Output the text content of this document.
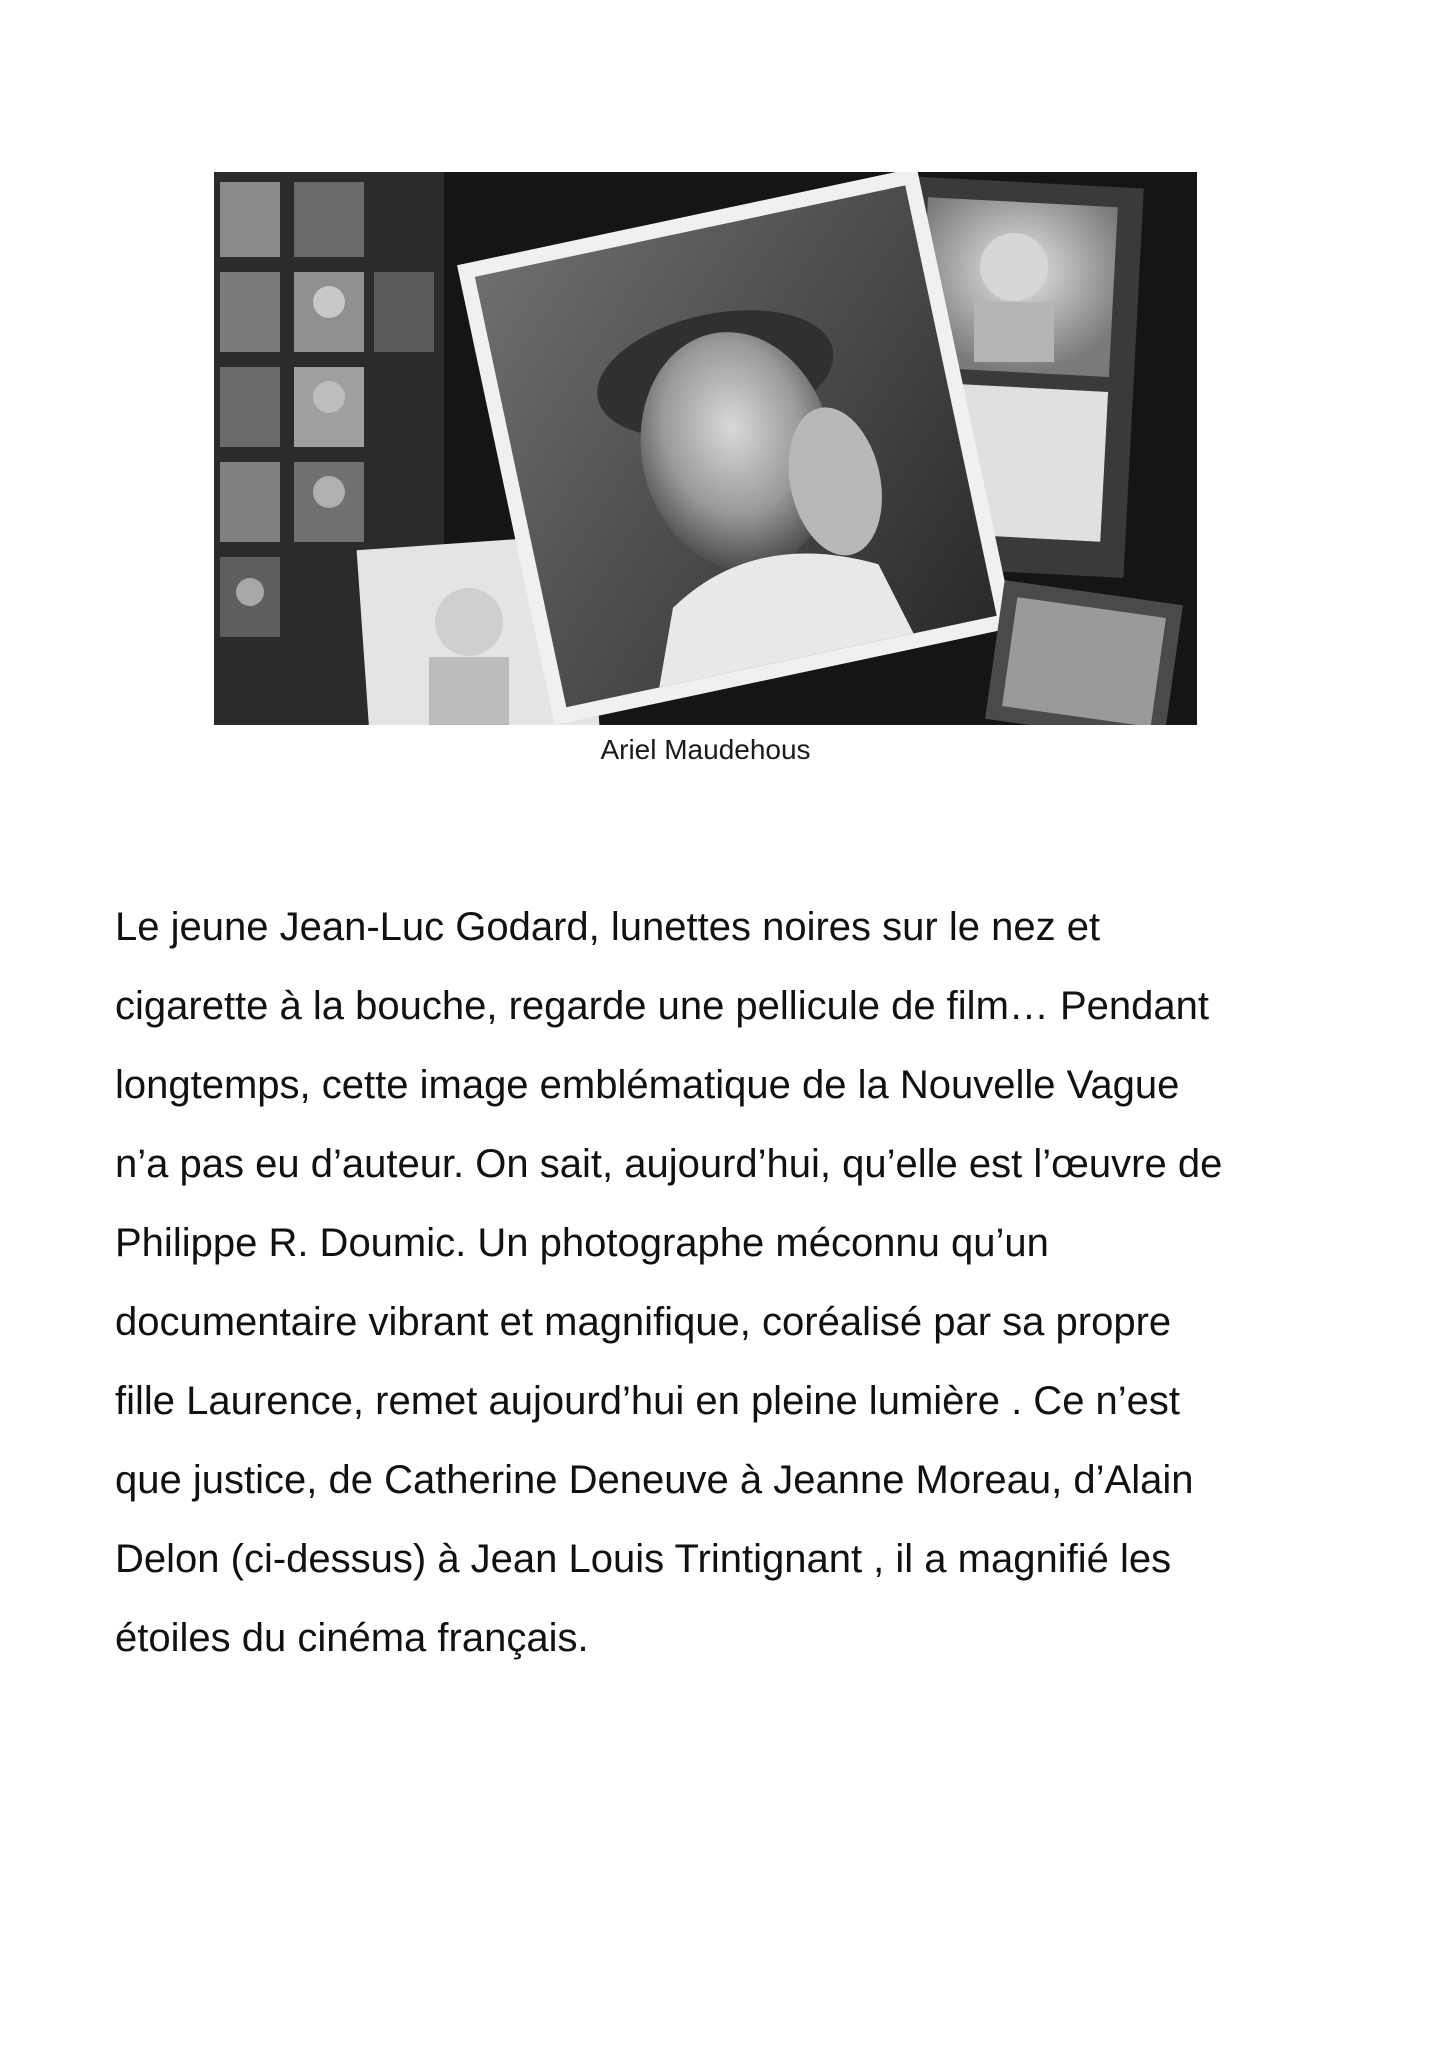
Ariel Maudehous

Le jeune Jean-Luc Godard, lunettes noires sur le nez et
cigarette à la bouche, regarde une pellicule de film… Pendant
longtemps, cette image emblématique de la Nouvelle Vague
n’a pas eu d’auteur. On sait, aujourd’hui, qu’elle est l’œuvre de
Philippe R. Doumic. Un photographe méconnu qu’un
documentaire vibrant et magnifique, coréalisé par sa propre
fille Laurence, remet aujourd’hui en pleine lumière . Ce n’est
que justice, de Catherine Deneuve à Jeanne Moreau, d’Alain
Delon (ci-dessus) à Jean Louis Trintignant , il a magnifié les
étoiles du cinéma français.
